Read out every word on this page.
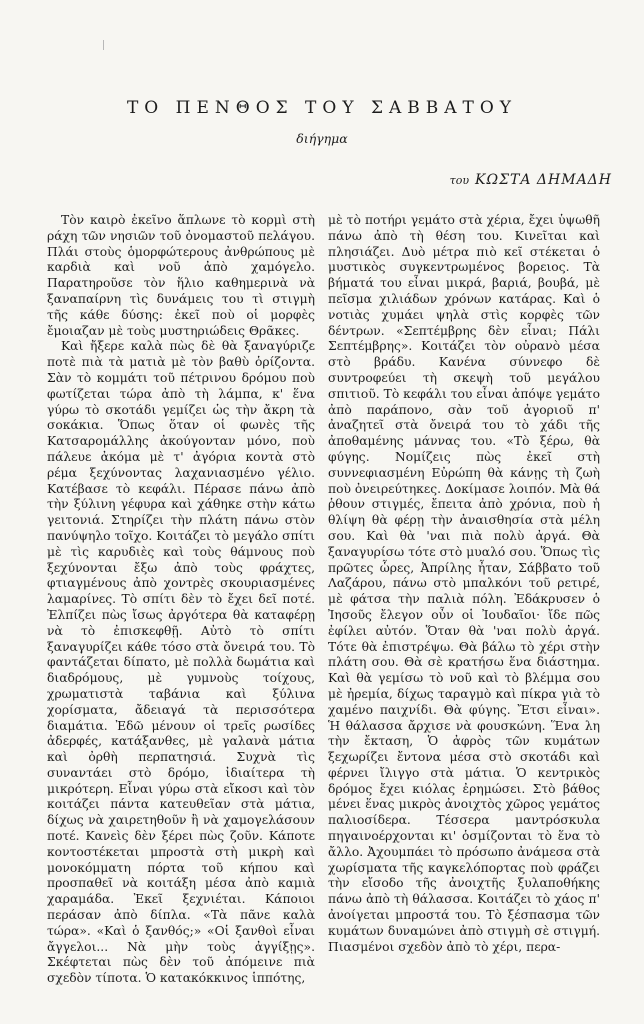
ΤΟ ΠΕΝΘΟΣ ΤΟΥ ΣΑΒΒΑΤΟΥ
διήγημα
του ΚΩΣΤΑ ΔΗΜΑΔΗ

Τὸν καιρὸ ἐκεῖνο ἅπλωνε τὸ κορμὶ στὴ ράχη τῶν νησιῶν τοῦ ὀνομαστοῦ πελάγου. Πλάι στοὺς ὁμορφώτερους ἀνθρώπους μὲ καρδιὰ καὶ νοῦ ἀπὸ χαμόγελο. Παρατηροῦσε τὸν ἥλιο καθημερινὰ νὰ ξαναπαίρνη τὶς δυνάμεις του τὶ στιγμὴ τῆς κάθε δύσης: ἐκεῖ ποὺ οἱ μορφὲς ἔμοιαζαν μὲ τοὺς μυστηριώδεις Θρᾶκες.

Καὶ ἤξερε καλὰ πὼς δὲ θὰ ξαναγύριζε ποτὲ πιὰ τὰ ματιὰ μὲ τὸν βαθὺ ὁρίζοντα. Σὰν τὸ κομμάτι τοῦ πέτρινου δρόμου ποὺ φωτίζεται τώρα ἀπὸ τὴ λάμπα, κ' ἕνα γύρω τὸ σκοτάδι γεμίζει ὡς τὴν ἄκρη τὰ σοκάκια. Ὅπως ὅταν οἱ φωνὲς τῆς Κατσαρομάλλης ἀκούγονταν μόνο, ποὺ πάλευε ἀκόμα μὲ τ' ἀγόρια κοντὰ στὸ ρέμα ξεχύνοντας λαχανιασμένο γέλιο. Κατέβασε τὸ κεφάλι. Πέρασε πάνω ἀπὸ τὴν ξύλινη γέφυρα καὶ χάθηκε στὴν κάτω γειτονιά. Στηρίζει τὴν πλάτη πάνω στὸν πανύψηλο τοῖχο. Κοιτάζει τὸ μεγάλο σπίτι μὲ τὶς καρυδιὲς καὶ τοὺς θάμνους ποὺ ξεχύνονται ἔξω ἀπὸ τοὺς φράχτες, φτιαγμένους ἀπὸ χοντρὲς σκουριασμένες λαμαρίνες. Τὸ σπίτι δὲν τὸ ἔχει δεῖ ποτέ. Ἐλπίζει πὼς ἴσως ἀργότερα θὰ καταφέρῃ νὰ τὸ ἐπισκεφθῇ. Αὐτὸ τὸ σπίτι ξαναγυρίζει κάθε τόσο στὰ ὄνειρά του. Τὸ φαντάζεται δίπατο, μὲ πολλὰ δωμάτια καὶ διαδρόμους, μὲ γυμνοὺς τοίχους, χρωματιστὰ ταβάνια καὶ ξύλινα χορίσματα, ἄδειαγά τὰ περισσότερα διαμάτια. Ἐδῶ μένουν οἱ τρεῖς ρωσίδες ἀδερφές, κατάξανθες, μὲ γαλανὰ μάτια καὶ ὀρθὴ περπατησιά. Συχνὰ τὶς συναντάει στὸ δρόμο, ἰδιαίτερα τὴ μικρότερη. Εἶναι γύρω στὰ εἴκοσι καὶ τὸν κοιτάζει πάντα κατευθεῖαν στὰ μάτια, δίχως νὰ χαιρετηθοῦν ἢ νὰ χαμογελάσουν ποτέ. Κανεὶς δὲν ξέρει πὼς ζοῦν. Κάποτε κοντοστέκεται μπροστὰ στὴ μικρὴ καὶ μονοκόμματη πόρτα τοῦ κήπου καὶ προσπαθεῖ νὰ κοιτάξη μέσα ἀπὸ καμιὰ χαραμάδα. Ἐκεῖ ξεχνιέται. Κάποιοι περάσαν ἀπὸ δίπλα. «Τὰ πᾶνε καλὰ τώρα». «Καὶ ὁ ξανθός;» «Οἱ ξανθοὶ εἶναι ἄγγελοι... Νὰ μὴν τοὺς ἀγγίξῃς». Σκέφτεται πὼς δὲν τοῦ ἀπόμεινε πιὰ σχεδὸν τίποτα. Ὁ κατακόκκινος ἱππότης,

μὲ τὸ ποτήρι γεμάτο στὰ χέρια, ἔχει ὑψωθῆ πάνω ἀπὸ τὴ θέση του. Κινεῖται καὶ πλησιάζει. Δυὸ μέτρα πιὸ κεῖ στέκεται ὁ μυστικὸς συγκεντρωμένος βορειος. Τὰ βήματά του εἶναι μικρά, βαριά, βουβά, μὲ πεῖσμα χιλιάδων χρόνων κατάρας. Καὶ ὁ νοτιὰς χυμάει ψηλὰ στὶς κορφὲς τῶν δέντρων. «Σεπτέμβρης δὲν εἶναι; Πάλι Σεπτέμβρης». Κοιτάζει τὸν οὐρανὸ μέσα στὸ βράδυ. Κανένα σύννεφο δὲ συντροφεύει τὴ σκεψὴ τοῦ μεγάλου σπιτιοῦ. Τὸ κεφάλι του εἶναι ἀπόψε γεμάτο ἀπὸ παράπονο, σὰν τοῦ ἀγοριοῦ π' ἀναζητεῖ στὰ ὄνειρά του τὸ χάδι τῆς ἀποθαμένης μάννας του. «Τὸ ξέρω, θὰ φύγης. Νομίζεις πὼς ἐκεῖ στὴ συννεφιασμένη Εὐρώπη θὰ κάνῃς τὴ ζωὴ ποὺ ὀνειρεύτηκες. Δοκίμασε λοιπόν. Μὰ θά ῥθουν στιγμές, ἔπειτα ἀπὸ χρόνια, ποὺ ἡ θλίψη θὰ φέρῃ τὴν ἀναισθησία στὰ μέλη σου. Καὶ θὰ 'ναι πιὰ πολὺ ἀργά. Θὰ ξαναγυρίσω τότε στὸ μυαλό σου. Ὅπως τὶς πρῶτες ὧρες, Ἀπρίλης ἦταν, Σάββατο τοῦ Λαζάρου, πάνω στὸ μπαλκόνι τοῦ ρετιρέ, μὲ φάτσα τὴν παλιὰ πόλη. Ἐδάκρυσεν ὁ Ἰησοῦς ἔλεγον οὖν οἱ Ἰουδαῖοι· ἴδε πῶς ἐφίλει αὐτόν. Ὅταν θὰ 'ναι πολὺ ἀργά. Τότε θὰ ἐπιστρέψω. Θὰ βάλω τὸ χέρι στὴν πλάτη σου. Θὰ σὲ κρατήσω ἕνα διάστημα. Καὶ θὰ γεμίσω τὸ νοῦ καὶ τὸ βλέμμα σου μὲ ἠρεμία, δίχως ταραγμὸ καὶ πίκρα γιὰ τὸ χαμένο παιχνίδι. Θὰ φύγης. Ἔτσι εἶναι». Ἡ θάλασσα ἄρχισε νὰ φουσκώνη. Ἕνα λη τὴν ἔκταση, Ὁ ἀφρὸς τῶν κυμάτων ξεχωρίζει ἔντονα μέσα στὸ σκοτάδι καὶ φέρνει ἴλιγγο στὰ μάτια. Ὁ κεντρικὸς δρόμος ἔχει κιόλας ἐρημώσει. Στὸ βάθος μένει ἕνας μικρὸς ἀνοιχτὸς χῶρος γεμάτος παλιοσίδερα. Τέσσερα μαντρόσκυλα πηγαινοέρχονται κι' ὁσμίζονται τὸ ἕνα τὸ ἄλλο. Ἀχουμπάει τὸ πρόσωπο ἀνάμεσα στὰ χωρίσματα τῆς καγκελόπορτας ποὺ φράζει τὴν εἴσοδο τῆς ἀνοιχτῆς ξυλαποθήκης πάνω ἀπὸ τὴ θάλασσα. Κοιτάζει τὸ χάος π' ἀνοίγεται μπροστά του. Τὸ ξέσπασμα τῶν κυμάτων δυναμώνει ἀπὸ στιγμὴ σὲ στιγμή. Πιασμένοι σχεδὸν ἀπὸ τὸ χέρι, περα-
